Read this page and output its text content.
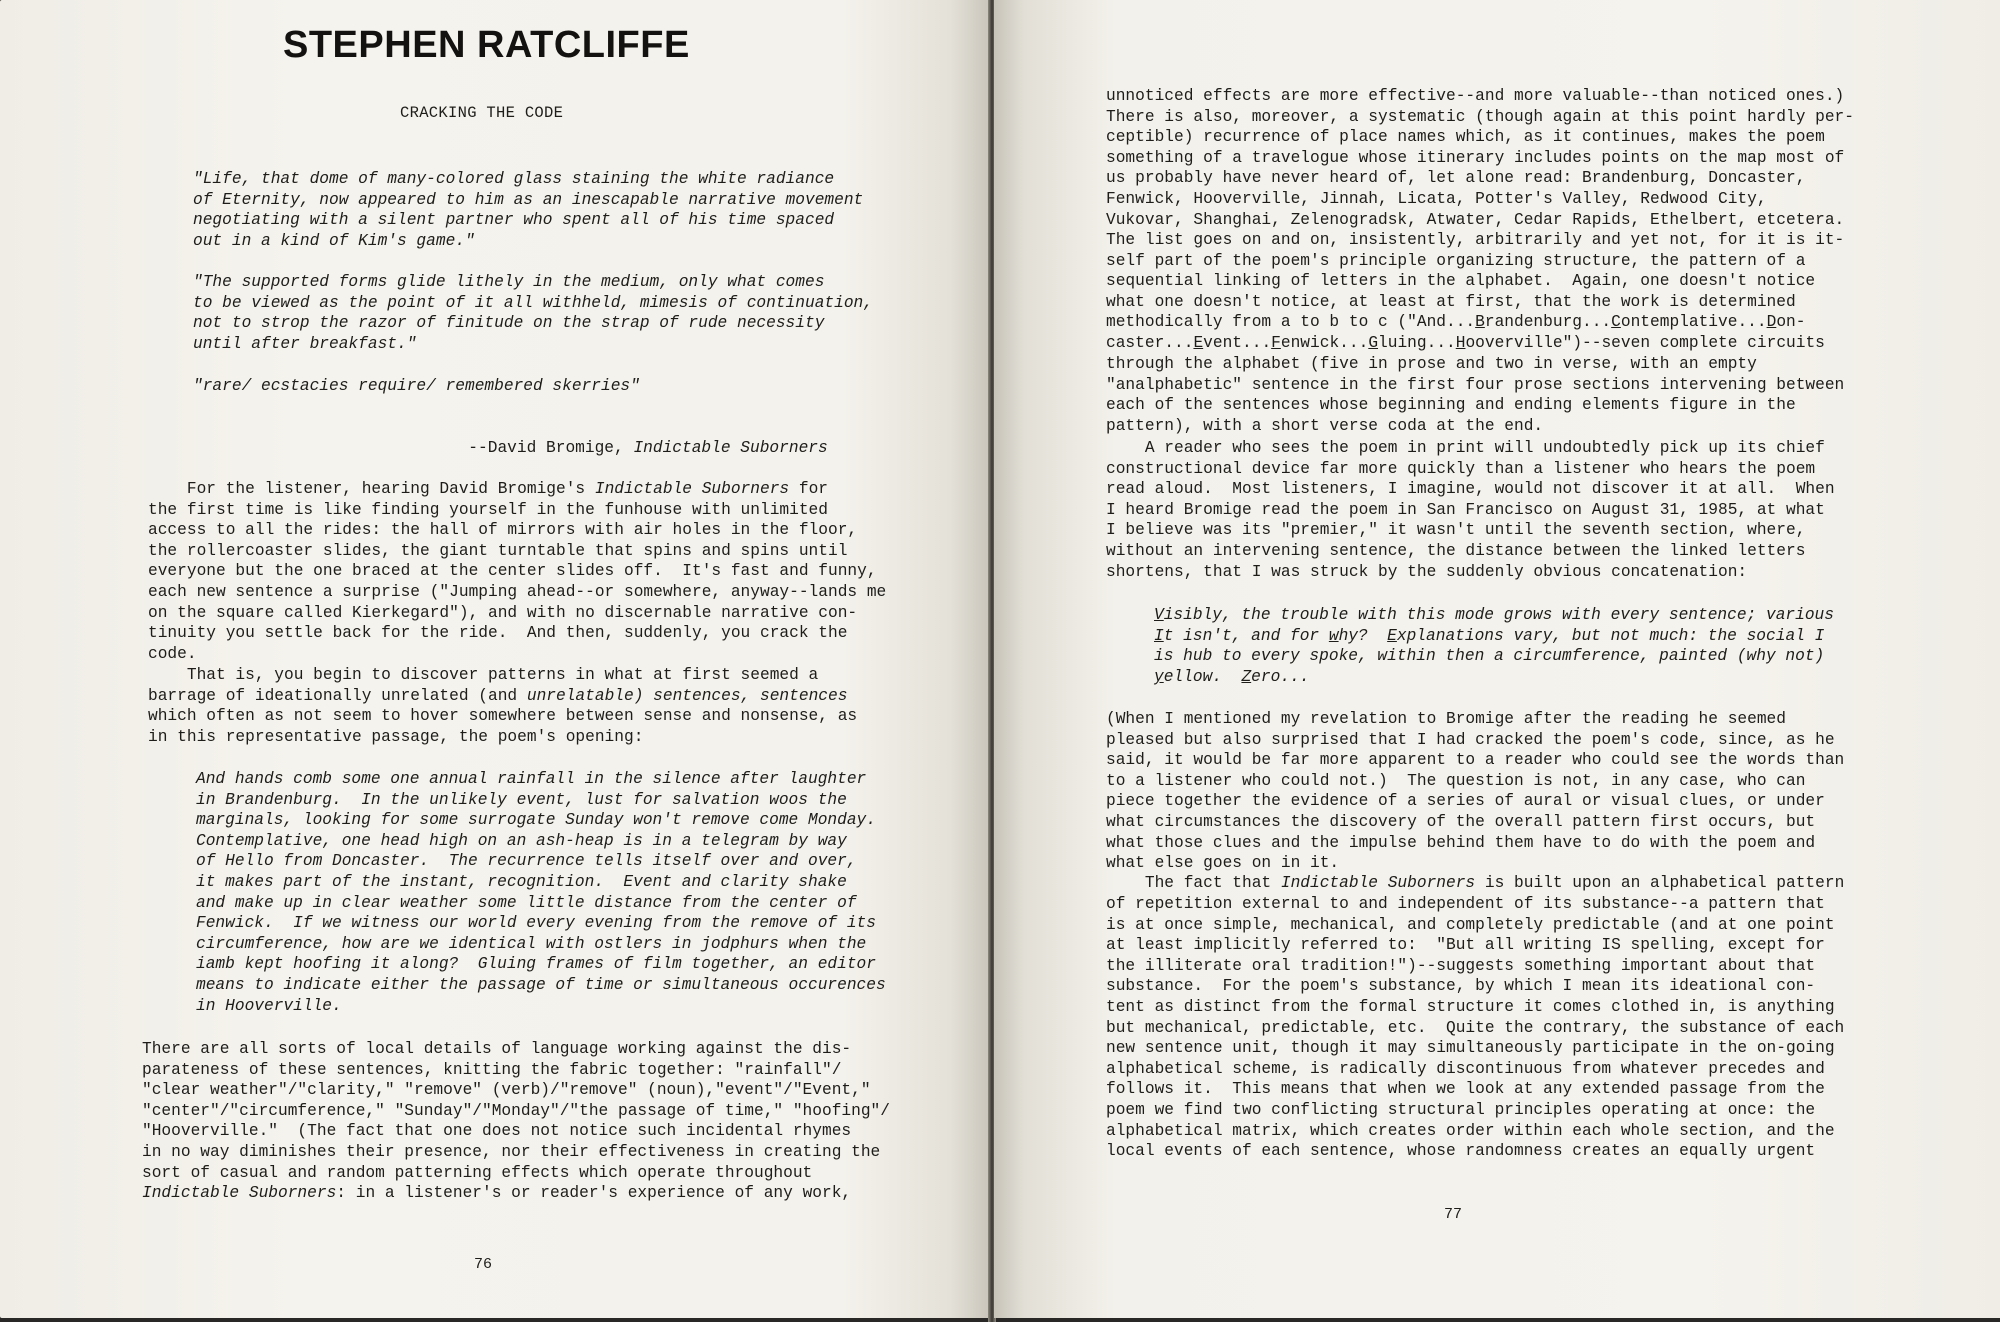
STEPHEN RATCLIFFE
CRACKING THE CODE
"Life, that dome of many-colored glass staining the white radiance
of Eternity, now appeared to him as an inescapable narrative movement
negotiating with a silent partner who spent all of his time spaced
out in a kind of Kim's game."
"The supported forms glide lithely in the medium, only what comes
to be viewed as the point of it all withheld, mimesis of continuation,
not to strop the razor of finitude on the strap of rude necessity
until after breakfast."
"rare/ ecstacies require/ remembered skerries"

--David Bromige, Indictable Suborners

For the listener, hearing David Bromige's Indictable Suborners for
the first time is like finding yourself in the funhouse with unlimited
access to all the rides: the hall of mirrors with air holes in the floor,
the rollercoaster slides, the giant turntable that spins and spins until
everyone but the one braced at the center slides off.  It's fast and funny,
each new sentence a surprise ("Jumping ahead--or somewhere, anyway--lands me
on the square called Kierkegard"), and with no discernable narrative con-
tinuity you settle back for the ride.  And then, suddenly, you crack the
code.
That is, you begin to discover patterns in what at first seemed a
barrage of ideationally unrelated (and unrelatable) sentences, sentences
which often as not seem to hover somewhere between sense and nonsense, as
in this representative passage, the poem's opening:
And hands comb some one annual rainfall in the silence after laughter
in Brandenburg.  In the unlikely event, lust for salvation woos the
marginals, looking for some surrogate Sunday won't remove come Monday.
Contemplative, one head high on an ash-heap is in a telegram by way
of Hello from Doncaster.  The recurrence tells itself over and over,
it makes part of the instant, recognition.  Event and clarity shake
and make up in clear weather some little distance from the center of
Fenwick.  If we witness our world every evening from the remove of its
circumference, how are we identical with ostlers in jodphurs when the
iamb kept hoofing it along?  Gluing frames of film together, an editor
means to indicate either the passage of time or simultaneous occurences
in Hooverville.
There are all sorts of local details of language working against the dis-
parateness of these sentences, knitting the fabric together: "rainfall"/
"clear weather"/"clarity," "remove" (verb)/"remove" (noun),"event"/"Event,"
"center"/"circumference," "Sunday"/"Monday"/"the passage of time," "hoofing"/
"Hooverville."  (The fact that one does not notice such incidental rhymes
in no way diminishes their presence, nor their effectiveness in creating the
sort of casual and random patterning effects which operate throughout
Indictable Suborners: in a listener's or reader's experience of any work,
76
unnoticed effects are more effective--and more valuable--than noticed ones.)
There is also, moreover, a systematic (though again at this point hardly per-
ceptible) recurrence of place names which, as it continues, makes the poem
something of a travelogue whose itinerary includes points on the map most of
us probably have never heard of, let alone read: Brandenburg, Doncaster,
Fenwick, Hooverville, Jinnah, Licata, Potter's Valley, Redwood City,
Vukovar, Shanghai, Zelenogradsk, Atwater, Cedar Rapids, Ethelbert, etcetera.
The list goes on and on, insistently, arbitrarily and yet not, for it is it-
self part of the poem's principle organizing structure, the pattern of a
sequential linking of letters in the alphabet.  Again, one doesn't notice
what one doesn't notice, at least at first, that the work is determined
methodically from a to b to c ("And...Brandenburg...Contemplative...Don-
caster...Event...Fenwick...Gluing...Hooverville")--seven complete circuits
through the alphabet (five in prose and two in verse, with an empty
"analphabetic" sentence in the first four prose sections intervening between
each of the sentences whose beginning and ending elements figure in the
pattern), with a short verse coda at the end.
A reader who sees the poem in print will undoubtedly pick up its chief
constructional device far more quickly than a listener who hears the poem
read aloud.  Most listeners, I imagine, would not discover it at all.  When
I heard Bromige read the poem in San Francisco on August 31, 1985, at what
I believe was its "premier," it wasn't until the seventh section, where,
without an intervening sentence, the distance between the linked letters
shortens, that I was struck by the suddenly obvious concatenation:
Visibly, the trouble with this mode grows with every sentence; various
It isn't, and for why?  Explanations vary, but not much: the social I
is hub to every spoke, within then a circumference, painted (why not)
yellow.  Zero...
(When I mentioned my revelation to Bromige after the reading he seemed
pleased but also surprised that I had cracked the poem's code, since, as he
said, it would be far more apparent to a reader who could see the words than
to a listener who could not.)  The question is not, in any case, who can
piece together the evidence of a series of aural or visual clues, or under
what circumstances the discovery of the overall pattern first occurs, but
what those clues and the impulse behind them have to do with the poem and
what else goes on in it.
The fact that Indictable Suborners is built upon an alphabetical pattern
of repetition external to and independent of its substance--a pattern that
is at once simple, mechanical, and completely predictable (and at one point
at least implicitly referred to:  "But all writing IS spelling, except for
the illiterate oral tradition!")--suggests something important about that
substance.  For the poem's substance, by which I mean its ideational con-
tent as distinct from the formal structure it comes clothed in, is anything
but mechanical, predictable, etc.  Quite the contrary, the substance of each
new sentence unit, though it may simultaneously participate in the on-going
alphabetical scheme, is radically discontinuous from whatever precedes and
follows it.  This means that when we look at any extended passage from the
poem we find two conflicting structural principles operating at once: the
alphabetical matrix, which creates order within each whole section, and the
local events of each sentence, whose randomness creates an equally urgent
77
